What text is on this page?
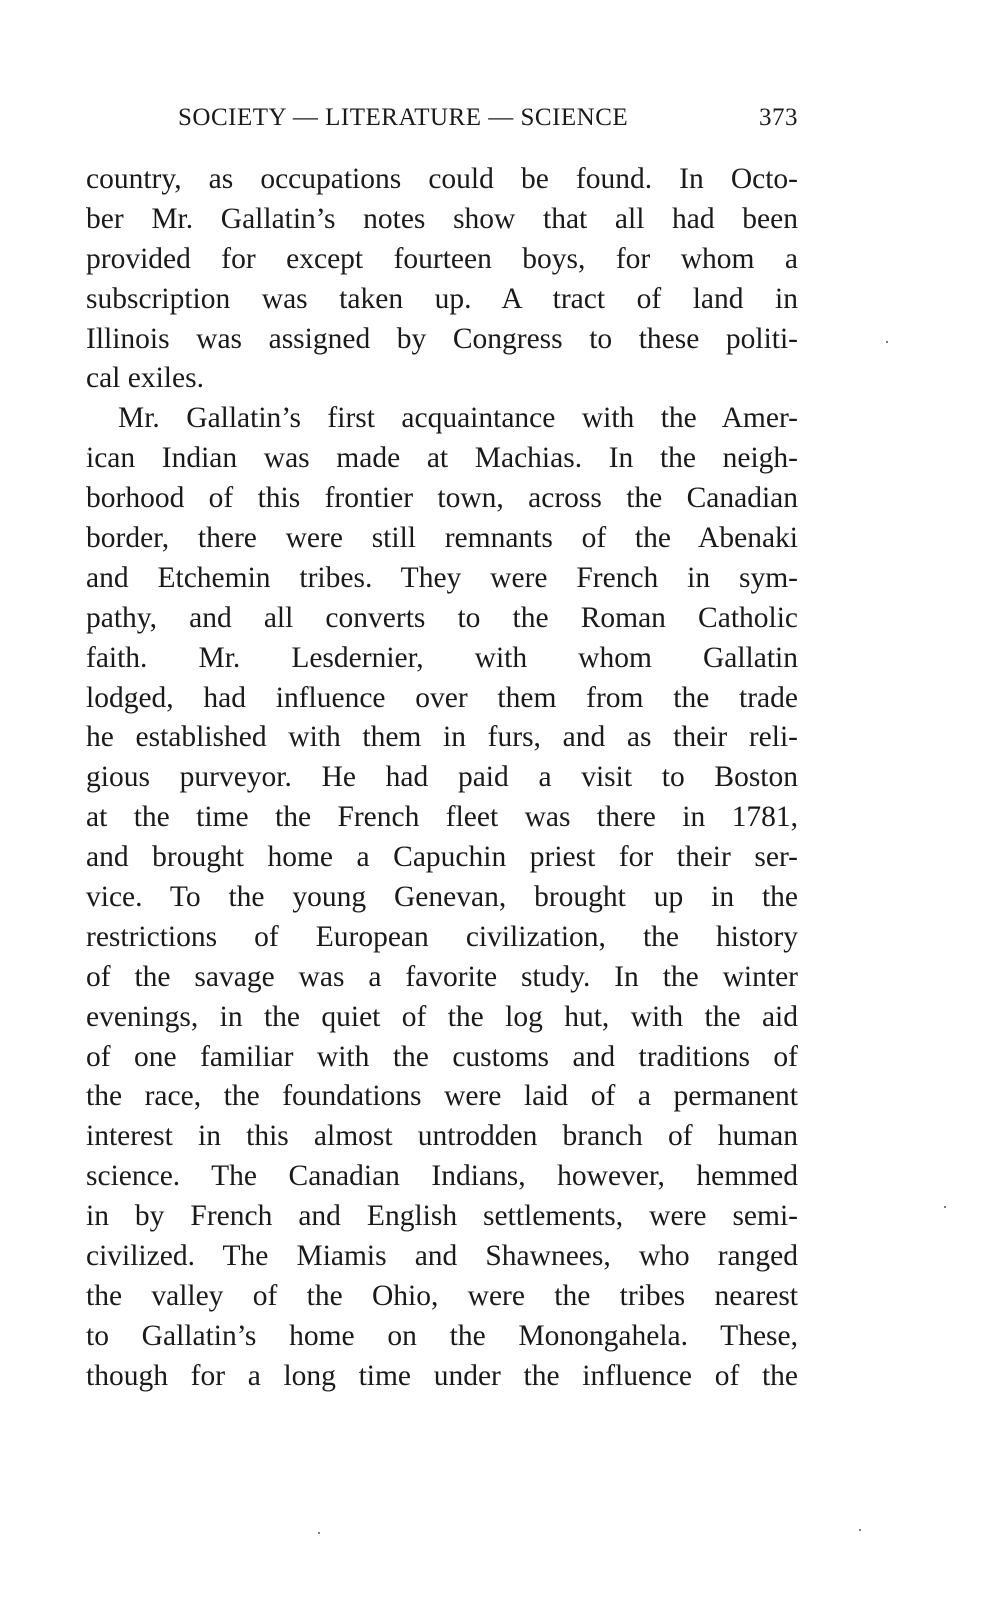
SOCIETY — LITERATURE — SCIENCE	373
country, as occupations could be found. In Octo-
ber Mr. Gallatin’s notes show that all had been
provided for except fourteen boys, for whom a
subscription was taken up. A tract of land in
Illinois was assigned by Congress to these politi-
cal exiles.
Mr. Gallatin’s first acquaintance with the Amer-
ican Indian was made at Machias. In the neigh-
borhood of this frontier town, across the Canadian
border, there were still remnants of the Abenaki
and Etchemin tribes. They were French in sym-
pathy, and all converts to the Roman Catholic
faith. Mr. Lesdernier, with whom Gallatin
lodged, had influence over them from the trade
he established with them in furs, and as their reli-
gious purveyor. He had paid a visit to Boston
at the time the French fleet was there in 1781,
and brought home a Capuchin priest for their ser-
vice. To the young Genevan, brought up in the
restrictions of European civilization, the history
of the savage was a favorite study. In the winter
evenings, in the quiet of the log hut, with the aid
of one familiar with the customs and traditions of
the race, the foundations were laid of a permanent
interest in this almost untrodden branch of human
science. The Canadian Indians, however, hemmed
in by French and English settlements, were semi-
civilized. The Miamis and Shawnees, who ranged
the valley of the Ohio, were the tribes nearest
to Gallatin’s home on the Monongahela. These,
though for a long time under the influence of the
